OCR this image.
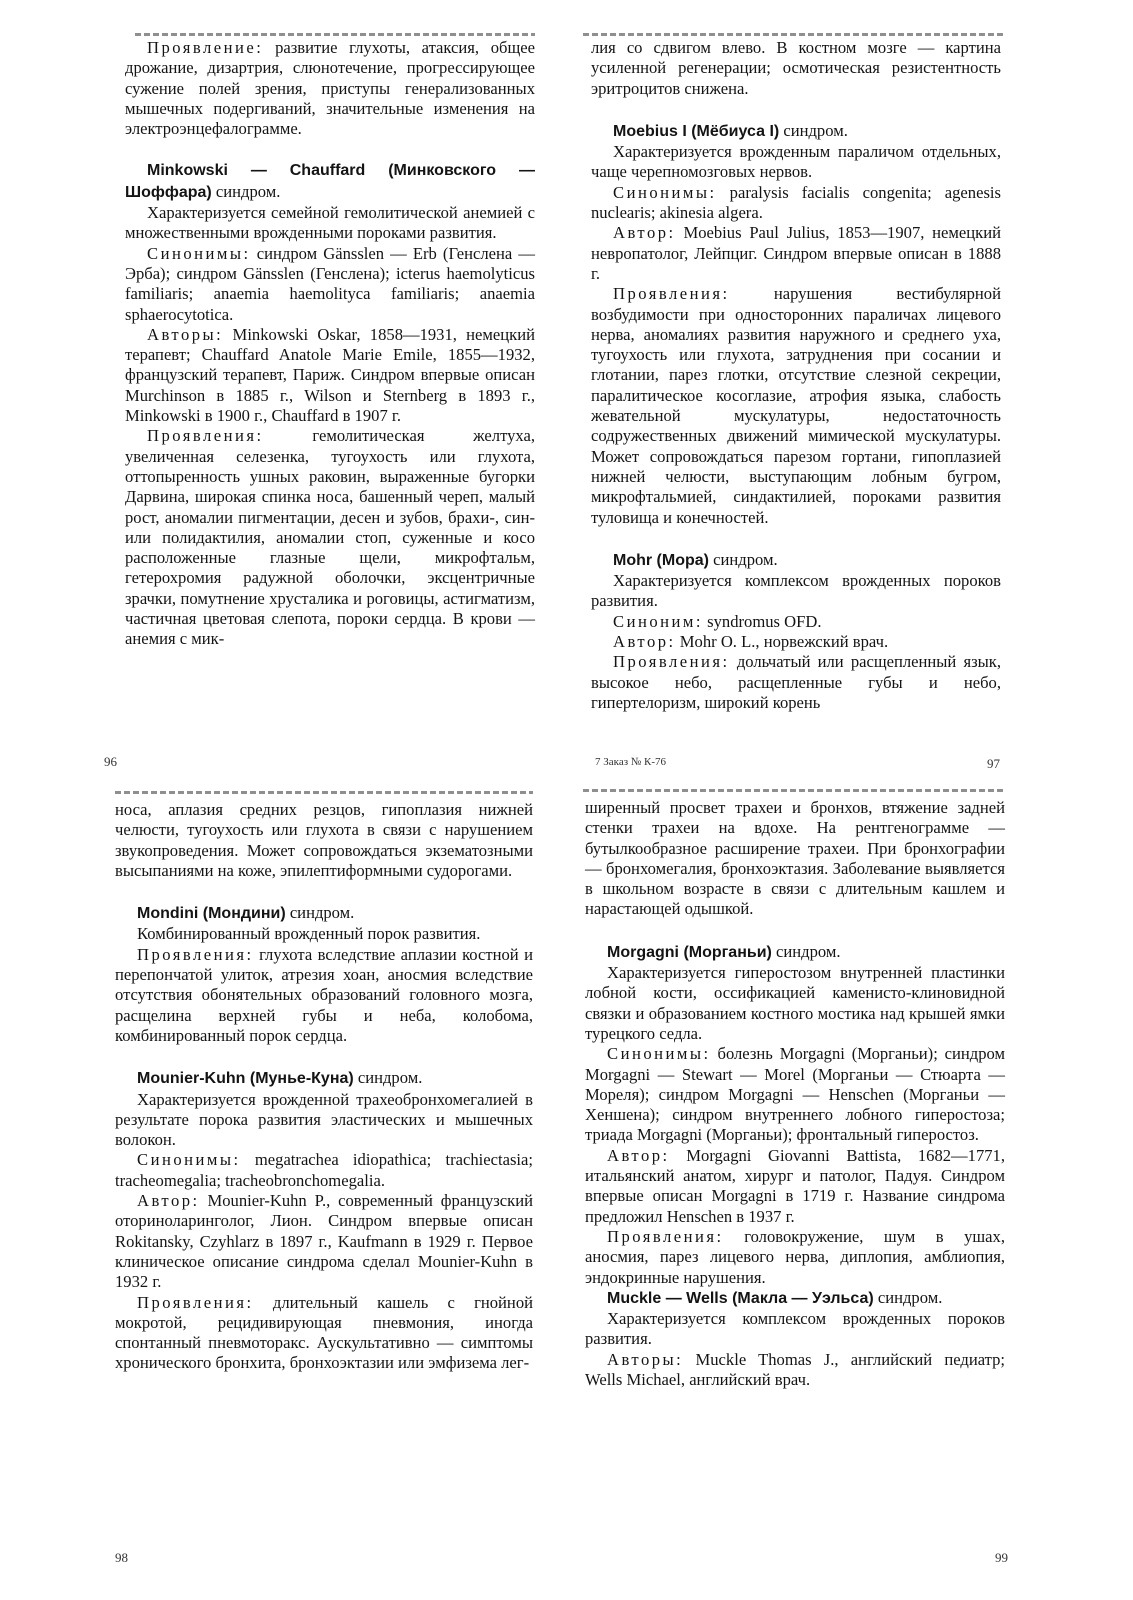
Проявление: развитие глухоты, атаксия, общее дрожание, дизартрия, слюнотечение, прогрессирующее сужение полей зрения, приступы генерализованных мышечных подергиваний, значительные изменения на электроэнцефалограмме.

Minkowski — Chauffard (Минковского — Шоффара) синдром.

Характеризуется семейной гемолитической анемией с множественными врожденными пороками развития.

Синонимы: синдром Gänsslen — Erb (Генслена — Эрба); синдром Gänsslen (Генслена); icterus haemolyticus familiaris; anaemia haemolityca familiaris; anaemia sphaerocytotica.

Авторы: Minkowski Oskar, 1858—1931, немецкий терапевт; Chauffard Anatole Marie Emile, 1855—1932, французский терапевт, Париж. Синдром впервые описан Murchinson в 1885 г., Wilson и Sternberg в 1893 г., Minkowski в 1900 г., Chauffard в 1907 г.

Проявления: гемолитическая желтуха, увеличенная селезенка, тугоухость или глухота, оттопыренность ушных раковин, выраженные бугорки Дарвина, широкая спинка носа, башенный череп, малый рост, аномалии пигментации, десен и зубов, брахи-, син- или полидактилия, аномалии стоп, суженные и косо расположенные глазные щели, микрофтальм, гетерохромия радужной оболочки, эксцентричные зрачки, помутнение хрусталика и роговицы, астигматизм, частичная цветовая слепота, пороки сердца. В крови — анемия с мик-

лия со сдвигом влево. В костном мозге — картина усиленной регенерации; осмотическая резистентность эритроцитов снижена.

Moebius I (Мёбиуса I) синдром.

Характеризуется врожденным параличом отдельных, чаще черепномозговых нервов.

Синонимы: paralysis facialis congenita; agenesis nuclearis; akinesia algera.

Автор: Moebius Paul Julius, 1853—1907, немецкий невропатолог, Лейпциг. Синдром впервые описан в 1888 г.

Проявления: нарушения вестибулярной возбудимости при односторонних параличах лицевого нерва, аномалиях развития наружного и среднего уха, тугоухость или глухота, затруднения при сосании и глотании, парез глотки, отсутствие слезной секреции, паралитическое косоглазие, атрофия языка, слабость жевательной мускулатуры, недостаточность содружественных движений мимической мускулатуры. Может сопровождаться парезом гортани, гипоплазией нижней челюсти, выступающим лобным бугром, микрофтальмией, синдактилией, пороками развития туловища и конечностей.

Mohr (Мора) синдром.

Характеризуется комплексом врожденных пороков развития.

Синоним: syndromus OFD.

Автор: Mohr O. L., норвежский врач.

Проявления: дольчатый или расщепленный язык, высокое небо, расщепленные губы и небо, гипертелоризм, широкий корень

носа, аплазия средних резцов, гипоплазия нижней челюсти, тугоухость или глухота в связи с нарушением звукопроведения. Может сопровождаться экзематозными высыпаниями на коже, эпилептиформными судорогами.

Mondini (Мондини) синдром.

Комбинированный врожденный порок развития.

Проявления: глухота вследствие аплазии костной и перепончатой улиток, атрезия хоан, аносмия вследствие отсутствия обонятельных образований головного мозга, расщелина верхней губы и неба, колобома, комбинированный порок сердца.

Mounier-Kuhn (Мунье-Куна) синдром.

Характеризуется врожденной трахеобронхомегалией в результате порока развития эластических и мышечных волокон.

Синонимы: megatrachea idiopathica; trachiectasia; tracheomegalia; tracheobronchomegalia.

Автор: Mounier-Kuhn P., современный французский оториноларинголог, Лион. Синдром впервые описан Rokitansky, Czyhlarz в 1897 г., Kaufmann в 1929 г. Первое клиническое описание синдрома сделал Mounier-Kuhn в 1932 г.

Проявления: длительный кашель с гнойной мокротой, рецидивирующая пневмония, иногда спонтанный пневмоторакс. Аускультативно — симптомы хронического бронхита, бронхоэктазии или эмфизема лег-

ширенный просвет трахеи и бронхов, втяжение задней стенки трахеи на вдохе. На рентгенограмме — бутылкообразное расширение трахеи. При бронхографии — бронхомегалия, бронхоэктазия. Заболевание выявляется в школьном возрасте в связи с длительным кашлем и нарастающей одышкой.

Morgagni (Морганьи) синдром.

Характеризуется гиперостозом внутренней пластинки лобной кости, оссификацией каменисто-клиновидной связки и образованием костного мостика над крышей ямки турецкого седла.

Синонимы: болезнь Morgagni (Морганьи); синдром Morgagni — Stewart — Morel (Морганьи — Стюарта — Мореля); синдром Morgagni — Henschen (Морганьи — Хеншена); синдром внутреннего лобного гиперостоза; триада Morgagni (Морганьи); фронтальный гиперостоз.

Автор: Morgagni Giovanni Battista, 1682—1771, итальянский анатом, хирург и патолог, Падуя. Синдром впервые описан Morgagni в 1719 г. Название синдрома предложил Henschen в 1937 г.

Проявления: головокружение, шум в ушах, аносмия, парез лицевого нерва, диплопия, амблиопия, эндокринные нарушения.

Muckle — Wells (Макла — Уэльса) синдром.

Характеризуется комплексом врожденных пороков развития.

Авторы: Muckle Thomas J., английский педиатр; Wells Michael, английский врач.

96	7 Заказ № К-76	97
98	99
